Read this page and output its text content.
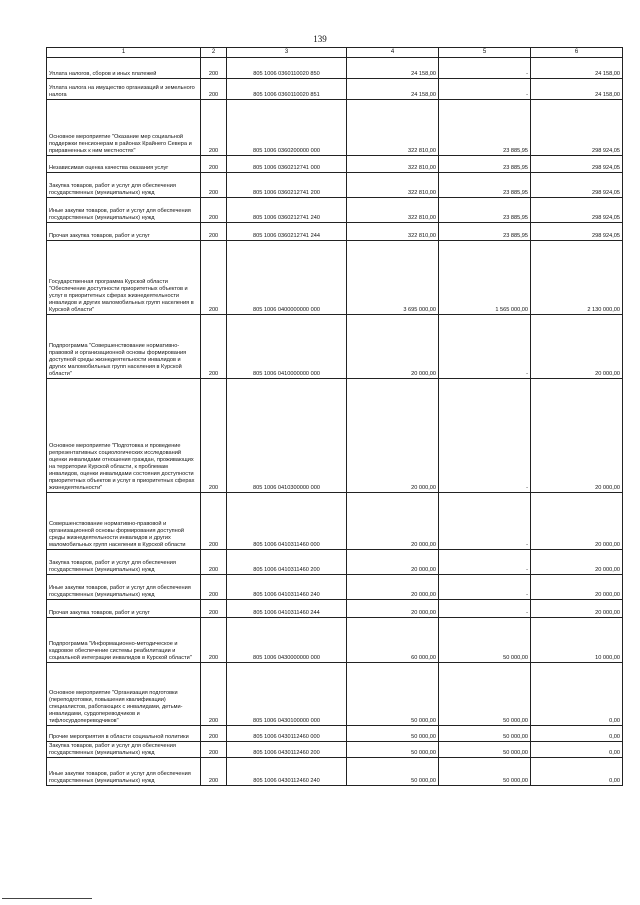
139
1	2	3	4	5	6
Уплата налогов, сборов и иных платежей	200	805 1006 0360110020 850	24 158,00	-	24 158,00
Уплата налога на имущество организаций и земельного налога	200	805 1006 0360110020 851	24 158,00	-	24 158,00
Основное мероприятие "Оказание мер социальной поддержки пенсионерам в районах Крайнего Севера и приравненных к ним местностях"	200	805 1006 0360200000 000	322 810,00	23 885,95	298 924,05
Независимая оценка качества оказания услуг	200	805 1006 0360212741 000	322 810,00	23 885,95	298 924,05
Закупка товаров, работ и услуг для обеспечения государственных (муниципальных) нужд	200	805 1006 0360212741 200	322 810,00	23 885,95	298 924,05
Иные закупки товаров, работ и услуг для обеспечения государственных (муниципальных) нужд	200	805 1006 0360212741 240	322 810,00	23 885,95	298 924,05
Прочая закупка товаров, работ и услуг	200	805 1006 0360212741 244	322 810,00	23 885,95	298 924,05
Государственная программа Курской области "Обеспечение доступности приоритетных объектов и услуг в приоритетных сферах жизнедеятельности инвалидов и других маломобильных групп населения в Курской области"	200	805 1006 0400000000 000	3 695 000,00	1 565 000,00	2 130 000,00
Подпрограмма "Совершенствование нормативно-правовой и организационной основы формирования доступной среды жизнедеятельности инвалидов и других маломобильных групп населения в Курской области"	200	805 1006 0410000000 000	20 000,00	-	20 000,00
Основное мероприятие "Подготовка и проведение репрезентативных социологических исследований оценки инвалидами отношения граждан, проживающих на территории Курской области, к проблемам инвалидов, оценки инвалидами состояния доступности приоритетных объектов и услуг в приоритетных сферах жизнедеятельности"	200	805 1006 0410300000 000	20 000,00	-	20 000,00
Совершенствование нормативно-правовой и организационной основы формирования доступной среды жизнедеятельности инвалидов и других маломобильных групп населения в Курской области	200	805 1006 0410311460 000	20 000,00	-	20 000,00
Закупка товаров, работ и услуг для обеспечения государственных (муниципальных) нужд	200	805 1006 0410311460 200	20 000,00	-	20 000,00
Иные закупки товаров, работ и услуг для обеспечения государственных (муниципальных) нужд	200	805 1006 0410311460 240	20 000,00	-	20 000,00
Прочая закупка товаров, работ и услуг	200	805 1006 0410311460 244	20 000,00	-	20 000,00
Подпрограмма "Информационно-методическое и кадровое обеспечение системы реабилитации и социальной интеграции инвалидов в Курской области"	200	805 1006 0430000000 000	60 000,00	50 000,00	10 000,00
Основное мероприятие "Организация подготовки (переподготовки, повышения квалификации) специалистов, работающих с инвалидами, детьми-инвалидами, сурдопереводчиков и тифлосурдопереводчиков"	200	805 1006 0430100000 000	50 000,00	50 000,00	0,00
Прочие мероприятия в области социальной политики	200	805 1006 0430112460 000	50 000,00	50 000,00	0,00
Закупка товаров, работ и услуг для обеспечения государственных (муниципальных) нужд	200	805 1006 0430112460 200	50 000,00	50 000,00	0,00
Иные закупки товаров, работ и услуг для обеспечения государственных (муниципальных) нужд	200	805 1006 0430112460 240	50 000,00	50 000,00	0,00
